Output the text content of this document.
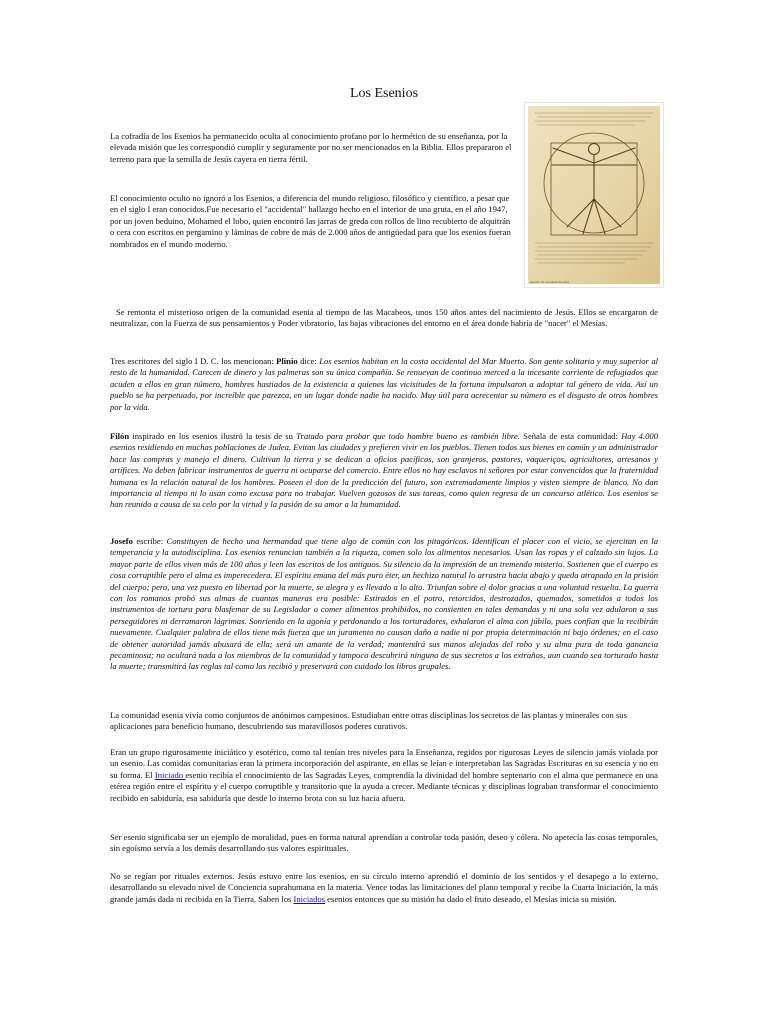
Los Esenios
Estudio de Leonardo da Vinci

La cofradía de los Esenios ha permanecido oculta al conocimiento profano por lo hermético de su enseñanza, por la elevada misión que les correspondió cumplir y seguramente por no ser mencionados en la Biblia. Ellos prepararon el terreno para que la semilla de Jesús cayera en tierra fértil.

El conocimiento oculto no ignoró a los Esenios, a diferencia del mundo religioso, filosófico y científico, a pesar que en el siglo I eran conocidos.Fue necesario el "accidental" hallazgo hecho en el interior de una gruta, en el año 1947, por un joven beduino, Mohamed el lobo, quien encontró las jarras de greda con rollos de lino recubierto de alquitrán o cera con escritos en pergamino y láminas de cobre de más de 2.000 años de antigüedad para que los esenios fueran nombrados en el mundo moderno.

Se remonta el misterioso origen de la comunidad esenia al tiempo de las Macabeos, unos 150 años antes del nacimiento de Jesús. Ellos se encargaron de neutralizar, con la Fuerza de sus pensamientos y Poder vibratorio, las bajas vibraciones del entorno en el área donde habría de "nacer" el Mesías.

Tres escritores del siglo I D. C. los mencionan: Plinio dice: Los esenios habitan en la costa occidental del Mar Muerto. Son gente solitaria y muy superior al resto de la humanidad. Carecen de dinero y las palmeras son su única compañía. Se renuevan de continuo merced a la incesante corriente de refugiados que acuden a ellos en gran número, hombres hastiados de la existencia a quienes las vicisitudes de la fortuna impulsaron a adoptar tal género de vida. Así un pueblo se ha perpetuado, por increíble que parezca, en un lugar donde nadie ha nacido. Muy útil para acrecentar su número es el disgusto de otros hombres por la vida.

Filón inspirado en los esenios ilustró la tesis de su Tratado para probar que todo hombre bueno es también libre. Señala de esta comunidad: Hay 4.000 esenios residiendo en muchas poblaciones de Judea. Evitan las ciudades y prefieren vivir en los pueblos. Tienen todos sus bienes en común y un administrador hace las compras y manejo el dinero. Cultivan la tierra y se dedican a oficios pacíficos, son granjeros, pastores, vaqueriços, agricultores, artesanos y artífices. No deben fabricar instrumentos de guerra ni ocuparse del comercio. Entre ellos no hay esclavos ni señores por estar convencidos que la fraternidad humana es la relación natural de los hombres. Poseen el don de la predicción del futuro, son extremadamente limpios y visten siempre de blanco. No dan importancia al tiempo ni lo usan como excusa para no trabajar. Vuelven gozosos de sus tareas, como quien regresa de un concurso atlético. Los esenios se han reunido a causa de su celo por la virtud y la pasión de su amor a la humanidad.

Josefo escribe: Constituyen de hecho una hermandad que tiene algo de común con los pitagóricos. Identifican el placer con el vicio, se ejercitan en la temperancia y la autodisciplina. Los esenios renuncian también a la riqueza, comen solo los alimentos necesarios. Usan las ropas y el calzado sin lujos. La mayor parte de ellos viven más de 100 años y leen los escritos de los antiguos. Su silencio da la impresión de un tremendo misterio. Sostienen que el cuerpo es cosa corruptible pero el alma es imperecedera. El espíritu emana del más puro éter, un hechizo natural lo arrastra hacia abajo y queda atrapado en la prisión del cuerpo; pero, una vez puesto en libertad por la muerte, se alegra y es llevado a lo alto. Triunfan sobre el dolor gracias a una voluntad resuelta. La guerra con los romanos probó sus almas de cuantas maneras era posible: Estirados en el potro, retorcidos, destrozados, quemados, sometidos a todos los instrumentos de tortura para blasfemar de su Legislador o comer alimentos prohibidos, no consienten en tales demandas y ni una sola vez adularon a sus perseguidores ni derramaron lágrimas. Sonriendo en la agonía y perdonando a los torturadores, exhalaron el alma con júbilo, pues confían que la recibirán nuevamente. Cualquier palabra de ellos tiene más fuerza que un juramento no causan daño a nadie ni por propia determinación ni bajo órdenes; en el caso de obtener autoridad jamás abusará de ella; será un amante de la verdad; mantendrá sus manos alejadas del robo y su alma pura de toda ganancia pecaminosa; no ocultará nada a los miembros de la comunidad y tampoco descubrirá ninguno de sus secretos a los extraños, aun cuando sea torturado hasta la muerte; transmitirá las reglas tal como las recibió y preservará con cuidado los libros grupales.

La comunidad esenia vivía como conjuntos de anónimos campesinos. Estudiaban entre otras disciplinas los secretos de las plantas y minerales con sus aplicaciones para beneficio humano, descubriendo sus maravillosos poderes curativos.

Eran un grupo rigurosamente iniciático y esotérico, como tal tenían tres niveles para la Enseñanza, regidos por rigurosas Leyes de silencio jamás violada por un esenio. Las comidas comunitarias eran la primera incorporación del aspirante, en ellas se leían e interpretaban las Sagradas Escrituras en su esencia y no en su forma. El Iniciado esenio recibía el conocimiento de las Sagradas Leyes, comprendía la divinidad del hombre septenario con el alma que permanece en una etérea región entre el espíritu y el cuerpo corruptible y transitorio que la ayuda a crecer. Mediante técnicas y disciplinas lograban transformar el conocimiento recibido en sabiduría, esa sabiduría que desde lo interno brota con su luz hacia afuera.

Ser esenio significaba ser un ejemplo de moralidad, pues en forma natural aprendían a controlar toda pasión, deseo y cólera. No apetecía las cosas temporales, sin egoísmo servía a los demás desarrollando sus valores espirituales.

No se regían por rituales externos. Jesús estuvo entre los esenios, en su círculo interno aprendió el dominio de los sentidos y el desapego a lo externo, desarrollando su elevado nivel de Conciencia suprahumana en la materia. Vence todas las limitaciones del plano temporal y recibe la Cuarta Iniciación, la más grande jamás dada ni recibida en la Tierra. Saben los Iniciados esenios entonces que su misión ha dado el fruto deseado, el Mesías inicia su misión.
